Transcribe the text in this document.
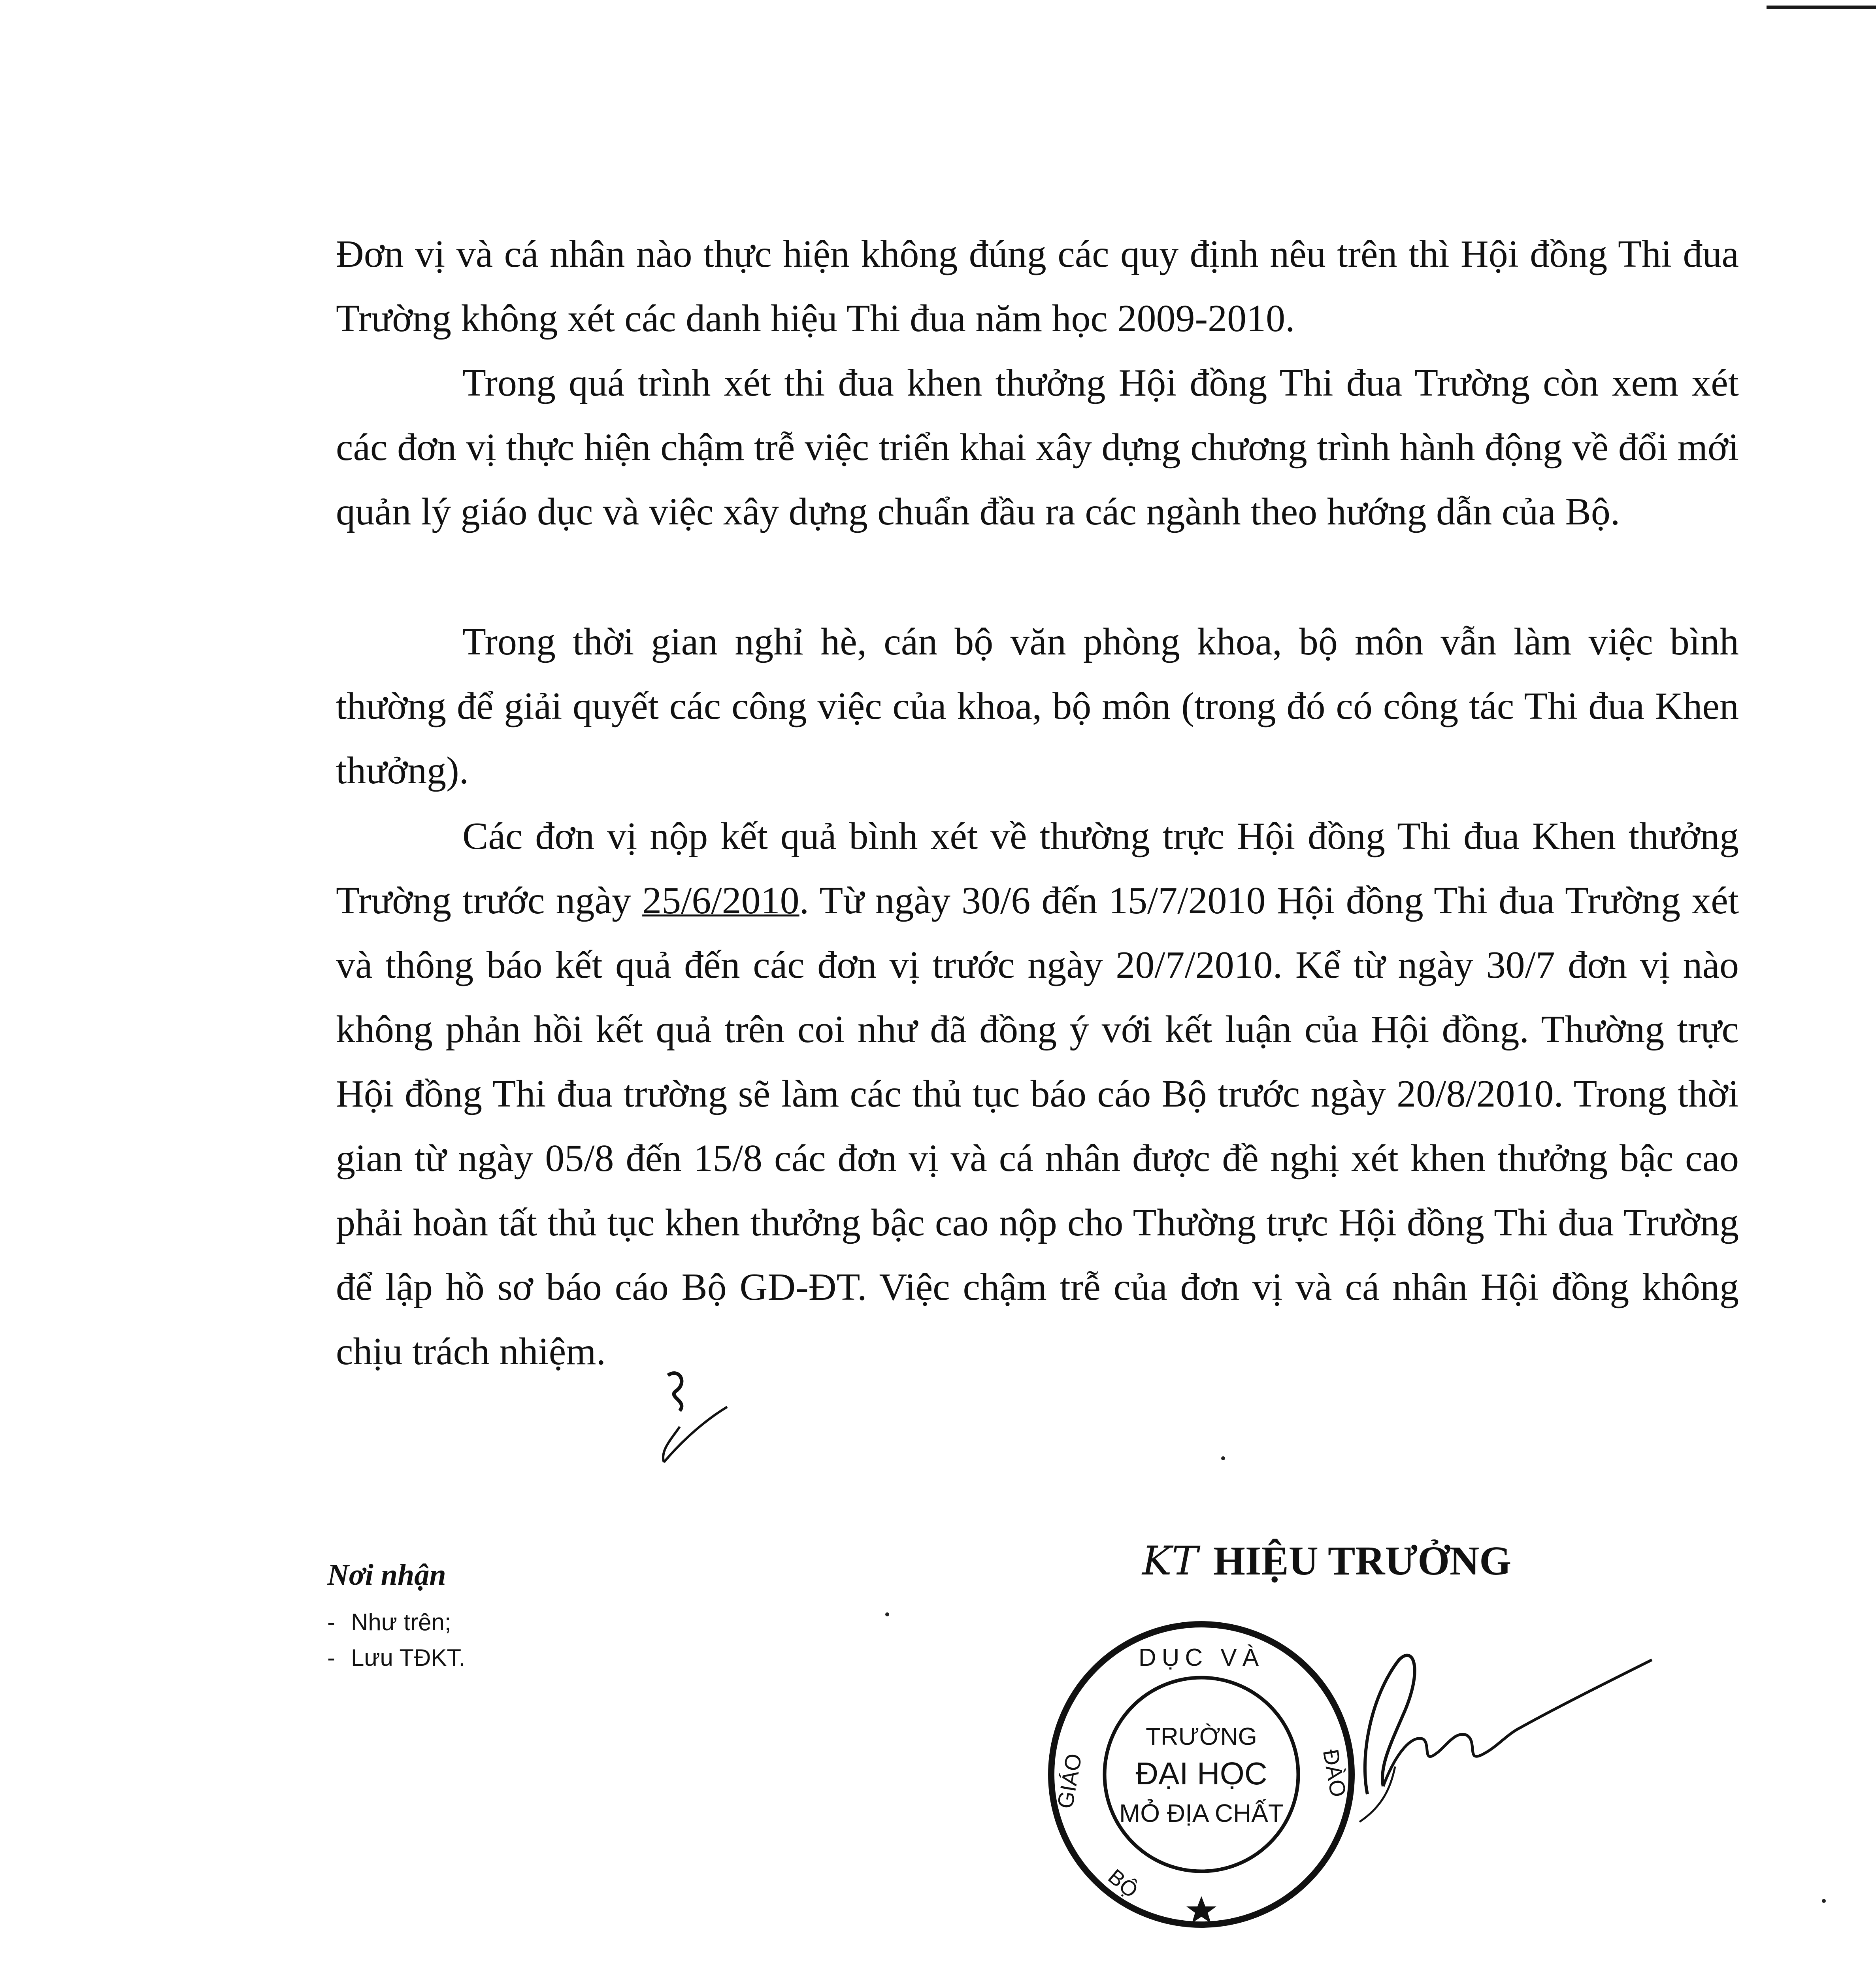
Đơn vị và cá nhân nào thực hiện không đúng các quy định nêu trên thì Hội đồng Thi đua Trường không xét các danh hiệu Thi đua năm học 2009-2010.

Trong quá trình xét thi đua khen thưởng Hội đồng Thi đua Trường còn xem xét các đơn vị thực hiện chậm trễ việc triển khai xây dựng chương trình hành động về đổi mới quản lý giáo dục và việc xây dựng chuẩn đầu ra các ngành theo hướng dẫn của Bộ.

Trong thời gian nghỉ hè, cán bộ văn phòng khoa, bộ môn vẫn làm việc bình thường để giải quyết các công việc của khoa, bộ môn (trong đó có công tác Thi đua Khen thưởng).

Các đơn vị nộp kết quả bình xét về thường trực Hội đồng Thi đua Khen thưởng Trường trước ngày 25/6/2010. Từ ngày 30/6 đến 15/7/2010 Hội đồng Thi đua Trường xét và thông báo kết quả đến các đơn vị trước ngày 20/7/2010. Kể từ ngày 30/7 đơn vị nào không phản hồi kết quả trên coi như đã đồng ý với kết luận của Hội đồng. Thường trực Hội đồng Thi đua trường sẽ làm các thủ tục báo cáo Bộ trước ngày 20/8/2010. Trong thời gian từ ngày 05/8 đến 15/8 các đơn vị và cá nhân được đề nghị xét khen thưởng bậc cao phải hoàn tất thủ tục khen thưởng bậc cao nộp cho Thường trực Hội đồng Thi đua Trường để lập hồ sơ báo cáo Bộ GD-ĐT. Việc chậm trễ của đơn vị và cá nhân Hội đồng không chịu trách nhiệm.

Nơi nhận

- Như trên;

- Lưu TĐKT.

KT HIỆU TRƯỞNG
DỤC VÀ
GIÁO	ĐÀO
TRƯỜNG
ĐẠI HỌC
MỎ ĐỊA CHẤT
BỘ
